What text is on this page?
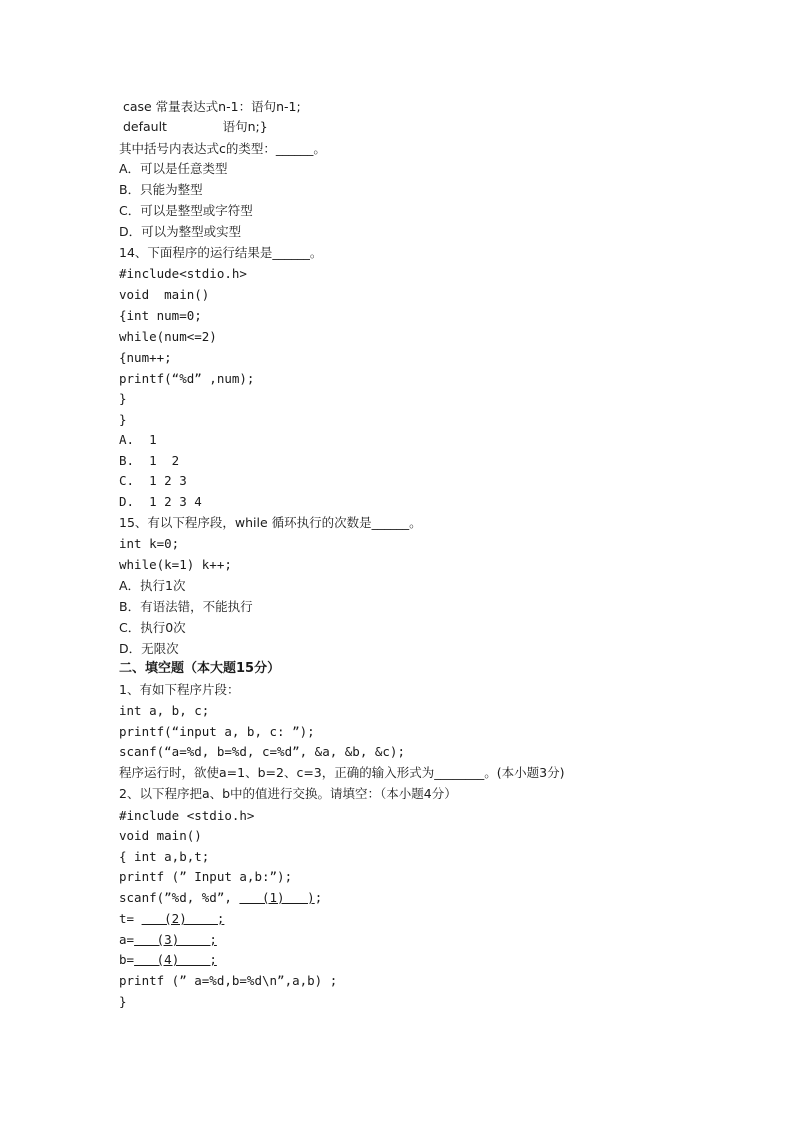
case 常量表达式n-1：语句n-1;
default              语句n;}
其中括号内表达式c的类型：______。
A．可以是任意类型
B．只能为整型
C．可以是整型或字符型
D．可以为整型或实型
14、下面程序的运行结果是______。
#include<stdio.h>
void  main()
{int num=0;
while(num<=2)
{num++;
printf(“%d” ,num);
}
}
A.  1
B.  1  2
C.  1 2 3
D.  1 2 3 4
15、有以下程序段，while 循环执行的次数是______。
int k=0;
while(k=1) k++;
A．执行1次
B．有语法错，不能执行
C．执行0次
D．无限次
二、填空题（本大题15分）
1、有如下程序片段：
int a, b, c;
printf(“input a, b, c: ”);
scanf(“a=%d, b=%d, c=%d”, &a, &b, &c);
程序运行时，欲使a=1、b=2、c=3，正确的输入形式为________。(本小题3分)
2、以下程序把a、b中的值进行交换。请填空：（本小题4分）
#include <stdio.h>
void main()
{ int a,b,t;
printf (” Input a,b:”);
scanf(”%d, %d”,    (1)   );
t=    (2)    ;
a=   (3)    ;
b=   (4)    ;
printf (” a=%d,b=%d\n”,a,b) ;
}
